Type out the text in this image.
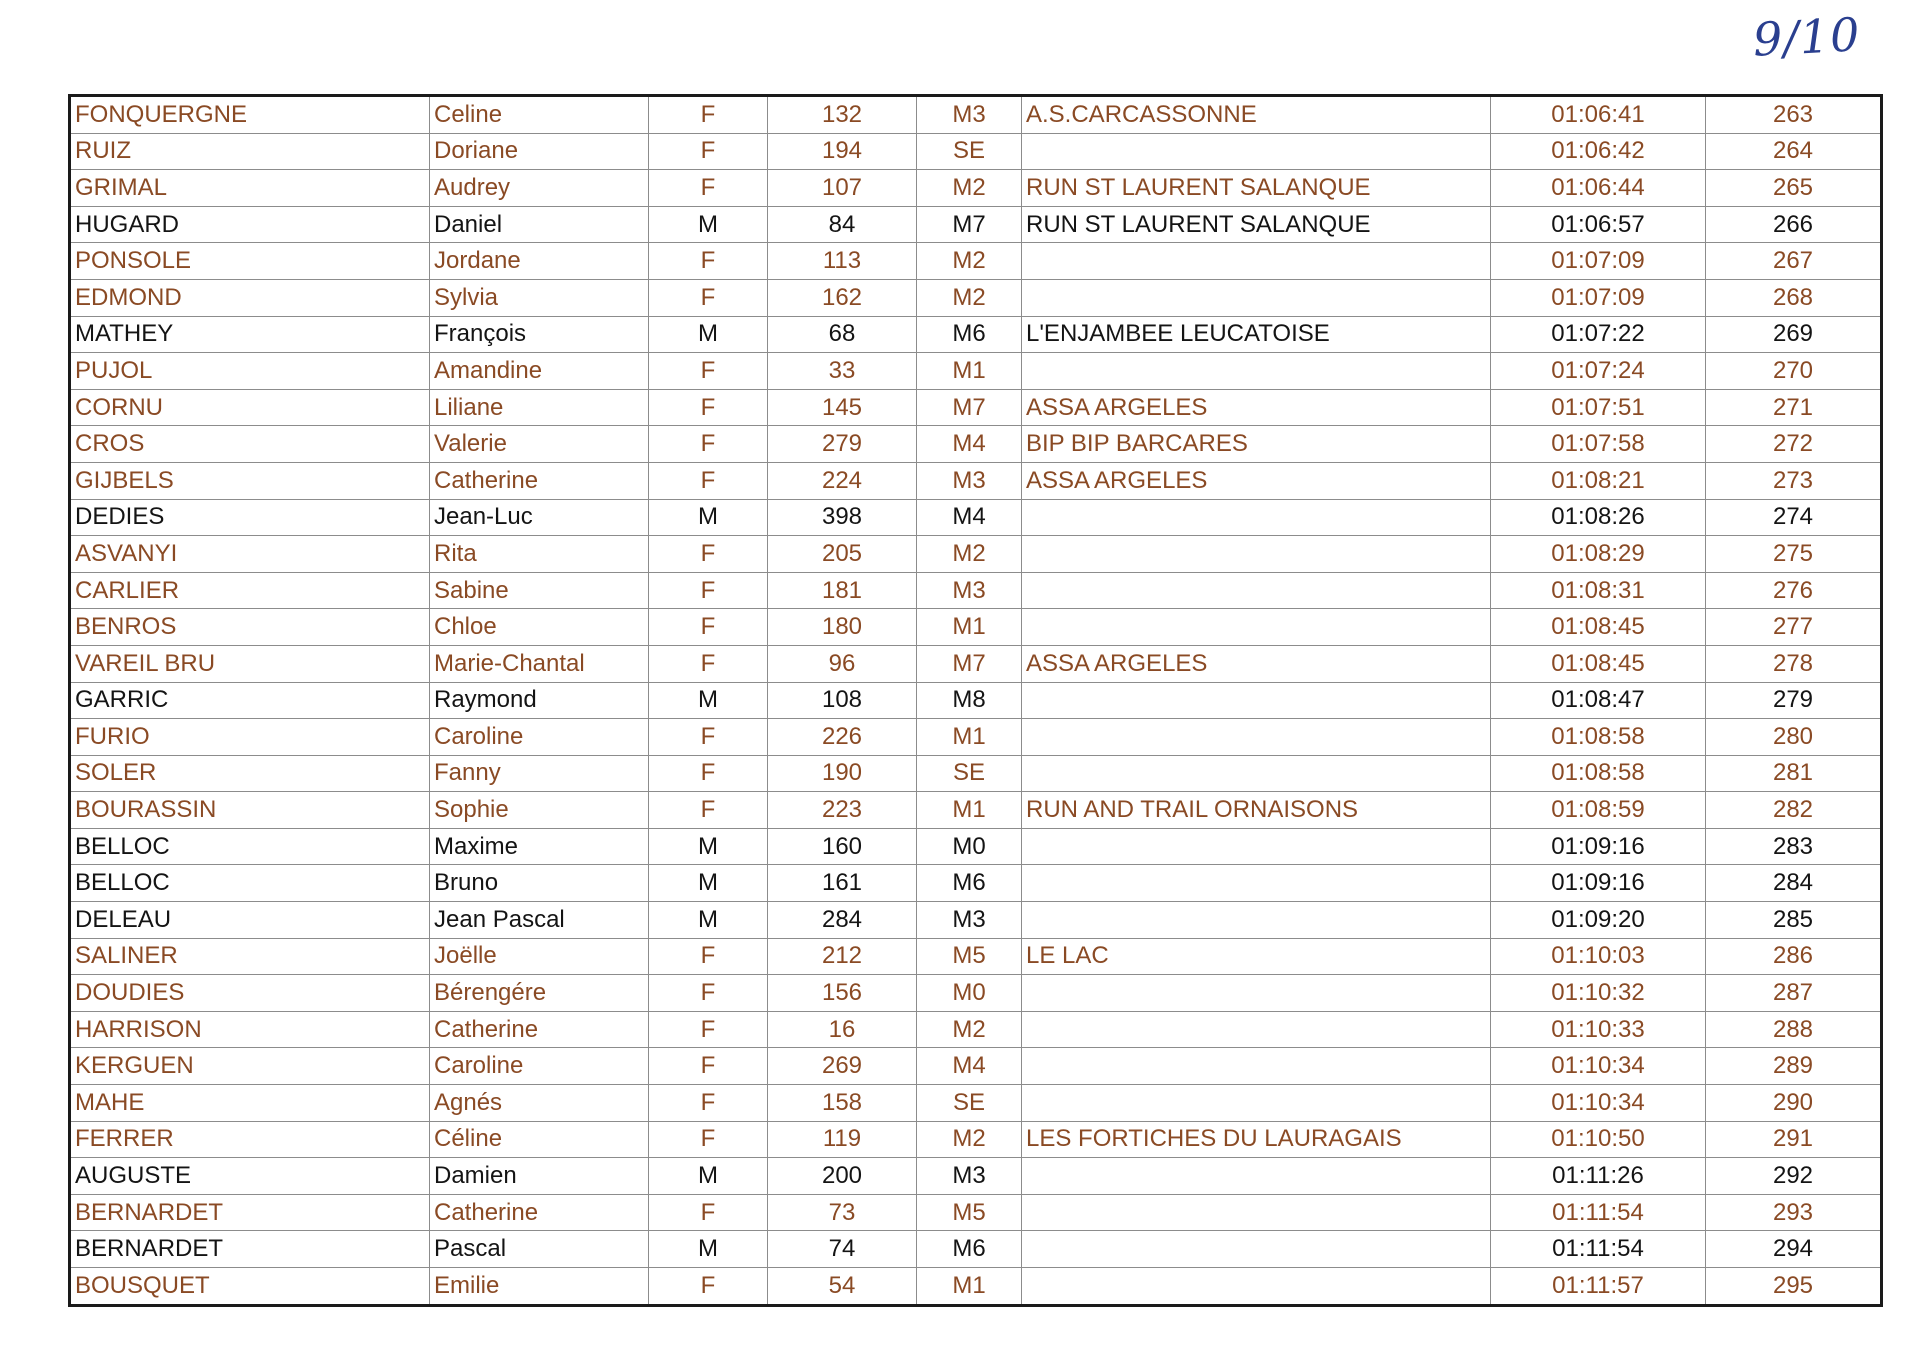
9/10
FONQUERGNE	Celine	F	132	M3	A.S.CARCASSONNE	01:06:41	263
RUIZ	Doriane	F	194	SE		01:06:42	264
GRIMAL	Audrey	F	107	M2	RUN ST LAURENT SALANQUE	01:06:44	265
HUGARD	Daniel	M	84	M7	RUN ST LAURENT SALANQUE	01:06:57	266
PONSOLE	Jordane	F	113	M2		01:07:09	267
EDMOND	Sylvia	F	162	M2		01:07:09	268
MATHEY	François	M	68	M6	L'ENJAMBEE LEUCATOISE	01:07:22	269
PUJOL	Amandine	F	33	M1		01:07:24	270
CORNU	Liliane	F	145	M7	ASSA ARGELES	01:07:51	271
CROS	Valerie	F	279	M4	BIP BIP BARCARES	01:07:58	272
GIJBELS	Catherine	F	224	M3	ASSA ARGELES	01:08:21	273
DEDIES	Jean-Luc	M	398	M4		01:08:26	274
ASVANYI	Rita	F	205	M2		01:08:29	275
CARLIER	Sabine	F	181	M3		01:08:31	276
BENROS	Chloe	F	180	M1		01:08:45	277
VAREIL BRU	Marie-Chantal	F	96	M7	ASSA ARGELES	01:08:45	278
GARRIC	Raymond	M	108	M8		01:08:47	279
FURIO	Caroline	F	226	M1		01:08:58	280
SOLER	Fanny	F	190	SE		01:08:58	281
BOURASSIN	Sophie	F	223	M1	RUN AND TRAIL ORNAISONS	01:08:59	282
BELLOC	Maxime	M	160	M0		01:09:16	283
BELLOC	Bruno	M	161	M6		01:09:16	284
DELEAU	Jean Pascal	M	284	M3		01:09:20	285
SALINER	Joëlle	F	212	M5	LE LAC	01:10:03	286
DOUDIES	Bérengére	F	156	M0		01:10:32	287
HARRISON	Catherine	F	16	M2		01:10:33	288
KERGUEN	Caroline	F	269	M4		01:10:34	289
MAHE	Agnés	F	158	SE		01:10:34	290
FERRER	Céline	F	119	M2	LES FORTICHES DU LAURAGAIS	01:10:50	291
AUGUSTE	Damien	M	200	M3		01:11:26	292
BERNARDET	Catherine	F	73	M5		01:11:54	293
BERNARDET	Pascal	M	74	M6		01:11:54	294
BOUSQUET	Emilie	F	54	M1		01:11:57	295
